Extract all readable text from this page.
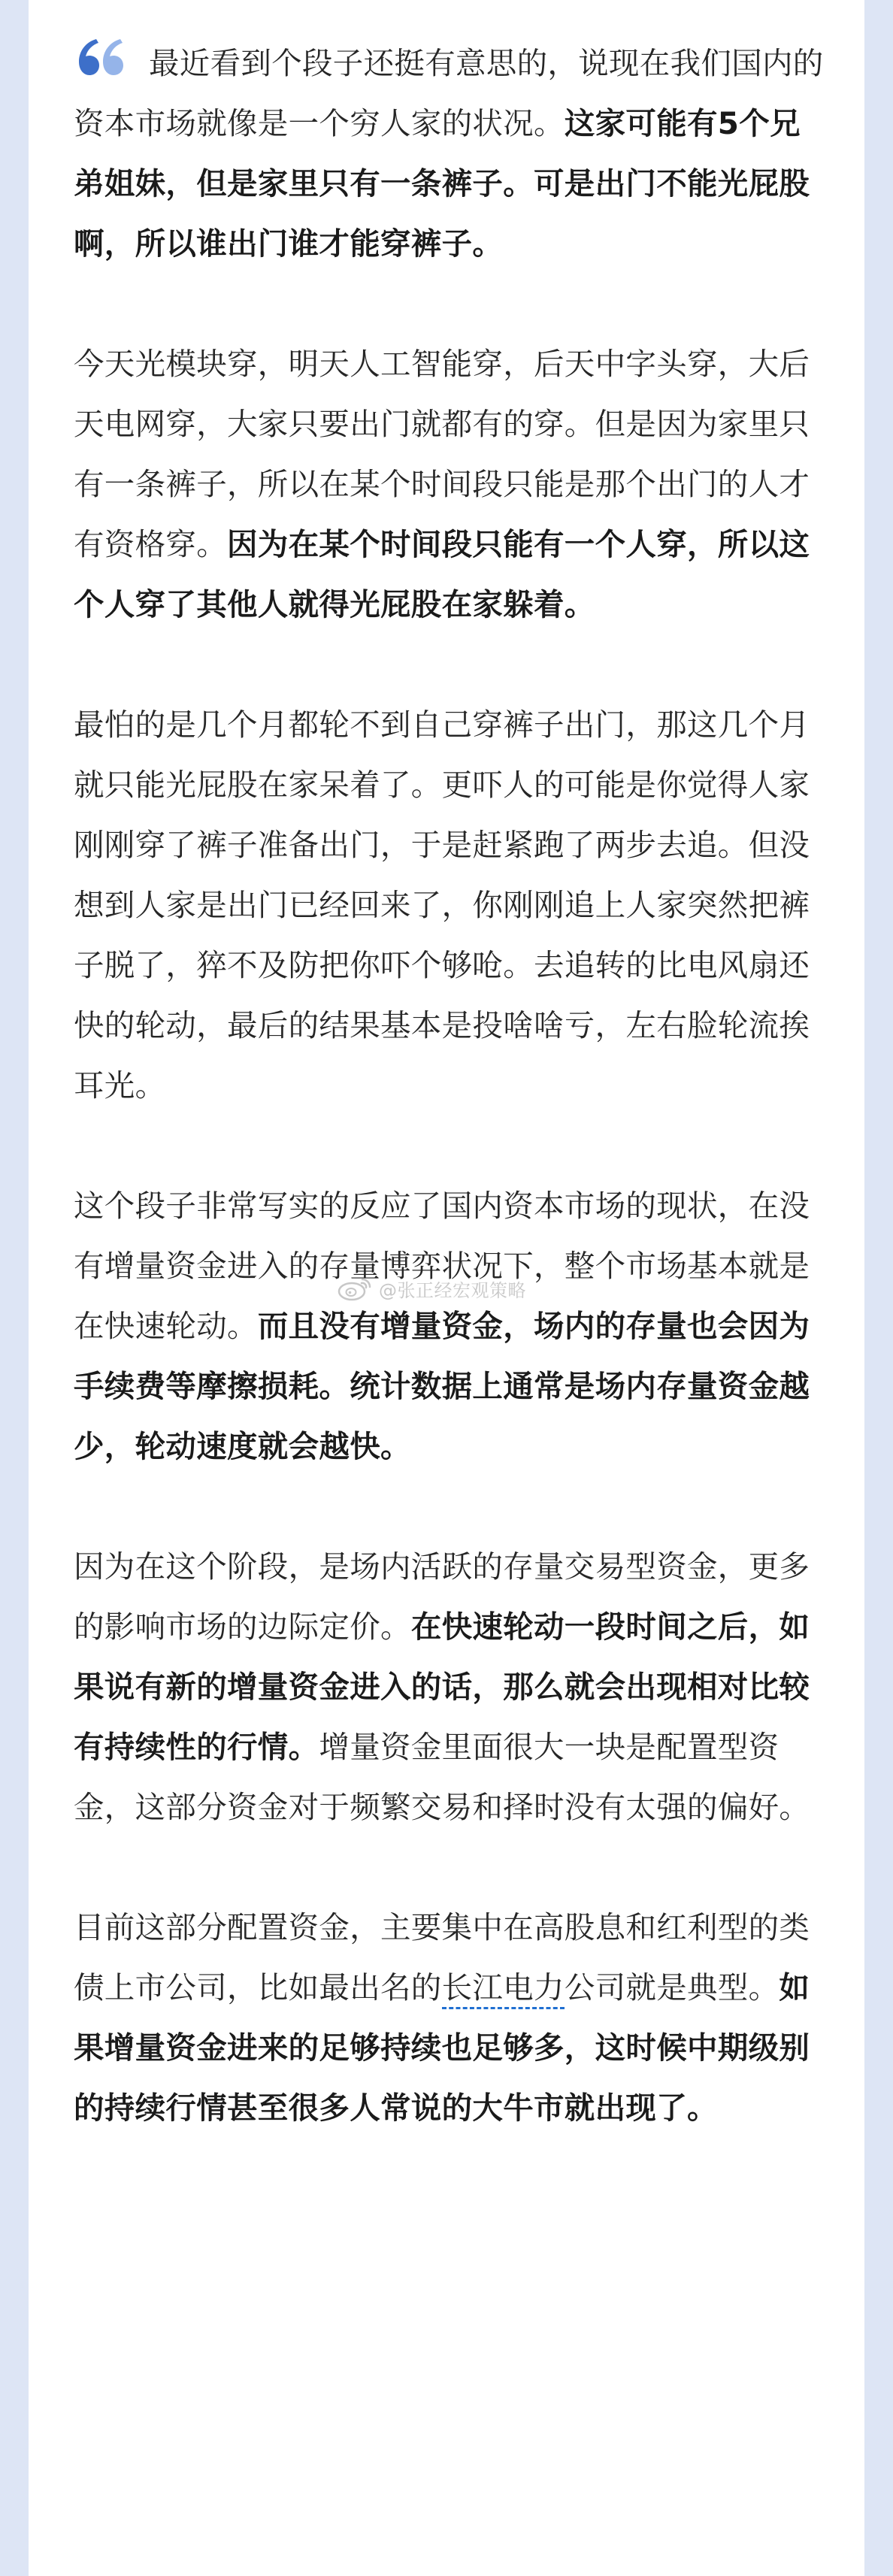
最近看到个段子还挺有意思的，说现在我们国内的资本市场就像是一个穷人家的状况。这家可能有5个兄弟姐妹，但是家里只有一条裤子。可是出门不能光屁股啊，所以谁出门谁才能穿裤子。

今天光模块穿，明天人工智能穿，后天中字头穿，大后天电网穿，大家只要出门就都有的穿。但是因为家里只有一条裤子，所以在某个时间段只能是那个出门的人才有资格穿。因为在某个时间段只能有一个人穿，所以这个人穿了其他人就得光屁股在家躲着。

最怕的是几个月都轮不到自己穿裤子出门，那这几个月就只能光屁股在家呆着了。更吓人的可能是你觉得人家刚刚穿了裤子准备出门，于是赶紧跑了两步去追。但没想到人家是出门已经回来了，你刚刚追上人家突然把裤子脱了，猝不及防把你吓个够呛。去追转的比电风扇还快的轮动，最后的结果基本是投啥啥亏，左右脸轮流挨耳光。

这个段子非常写实的反应了国内资本市场的现状，在没有增量资金进入的存量博弈状况下，整个市场基本就是在快速轮动。而且没有增量资金，场内的存量也会因为手续费等摩擦损耗。统计数据上通常是场内存量资金越少，轮动速度就会越快。

因为在这个阶段，是场内活跃的存量交易型资金，更多的影响市场的边际定价。在快速轮动一段时间之后，如果说有新的增量资金进入的话，那么就会出现相对比较有持续性的行情。增量资金里面很大一块是配置型资金，这部分资金对于频繁交易和择时没有太强的偏好。

目前这部分配置资金，主要集中在高股息和红利型的类债上市公司，比如最出名的长江电力公司就是典型。如果增量资金进来的足够持续也足够多，这时候中期级别的持续行情甚至很多人常说的大牛市就出现了。

@张正经宏观策略
